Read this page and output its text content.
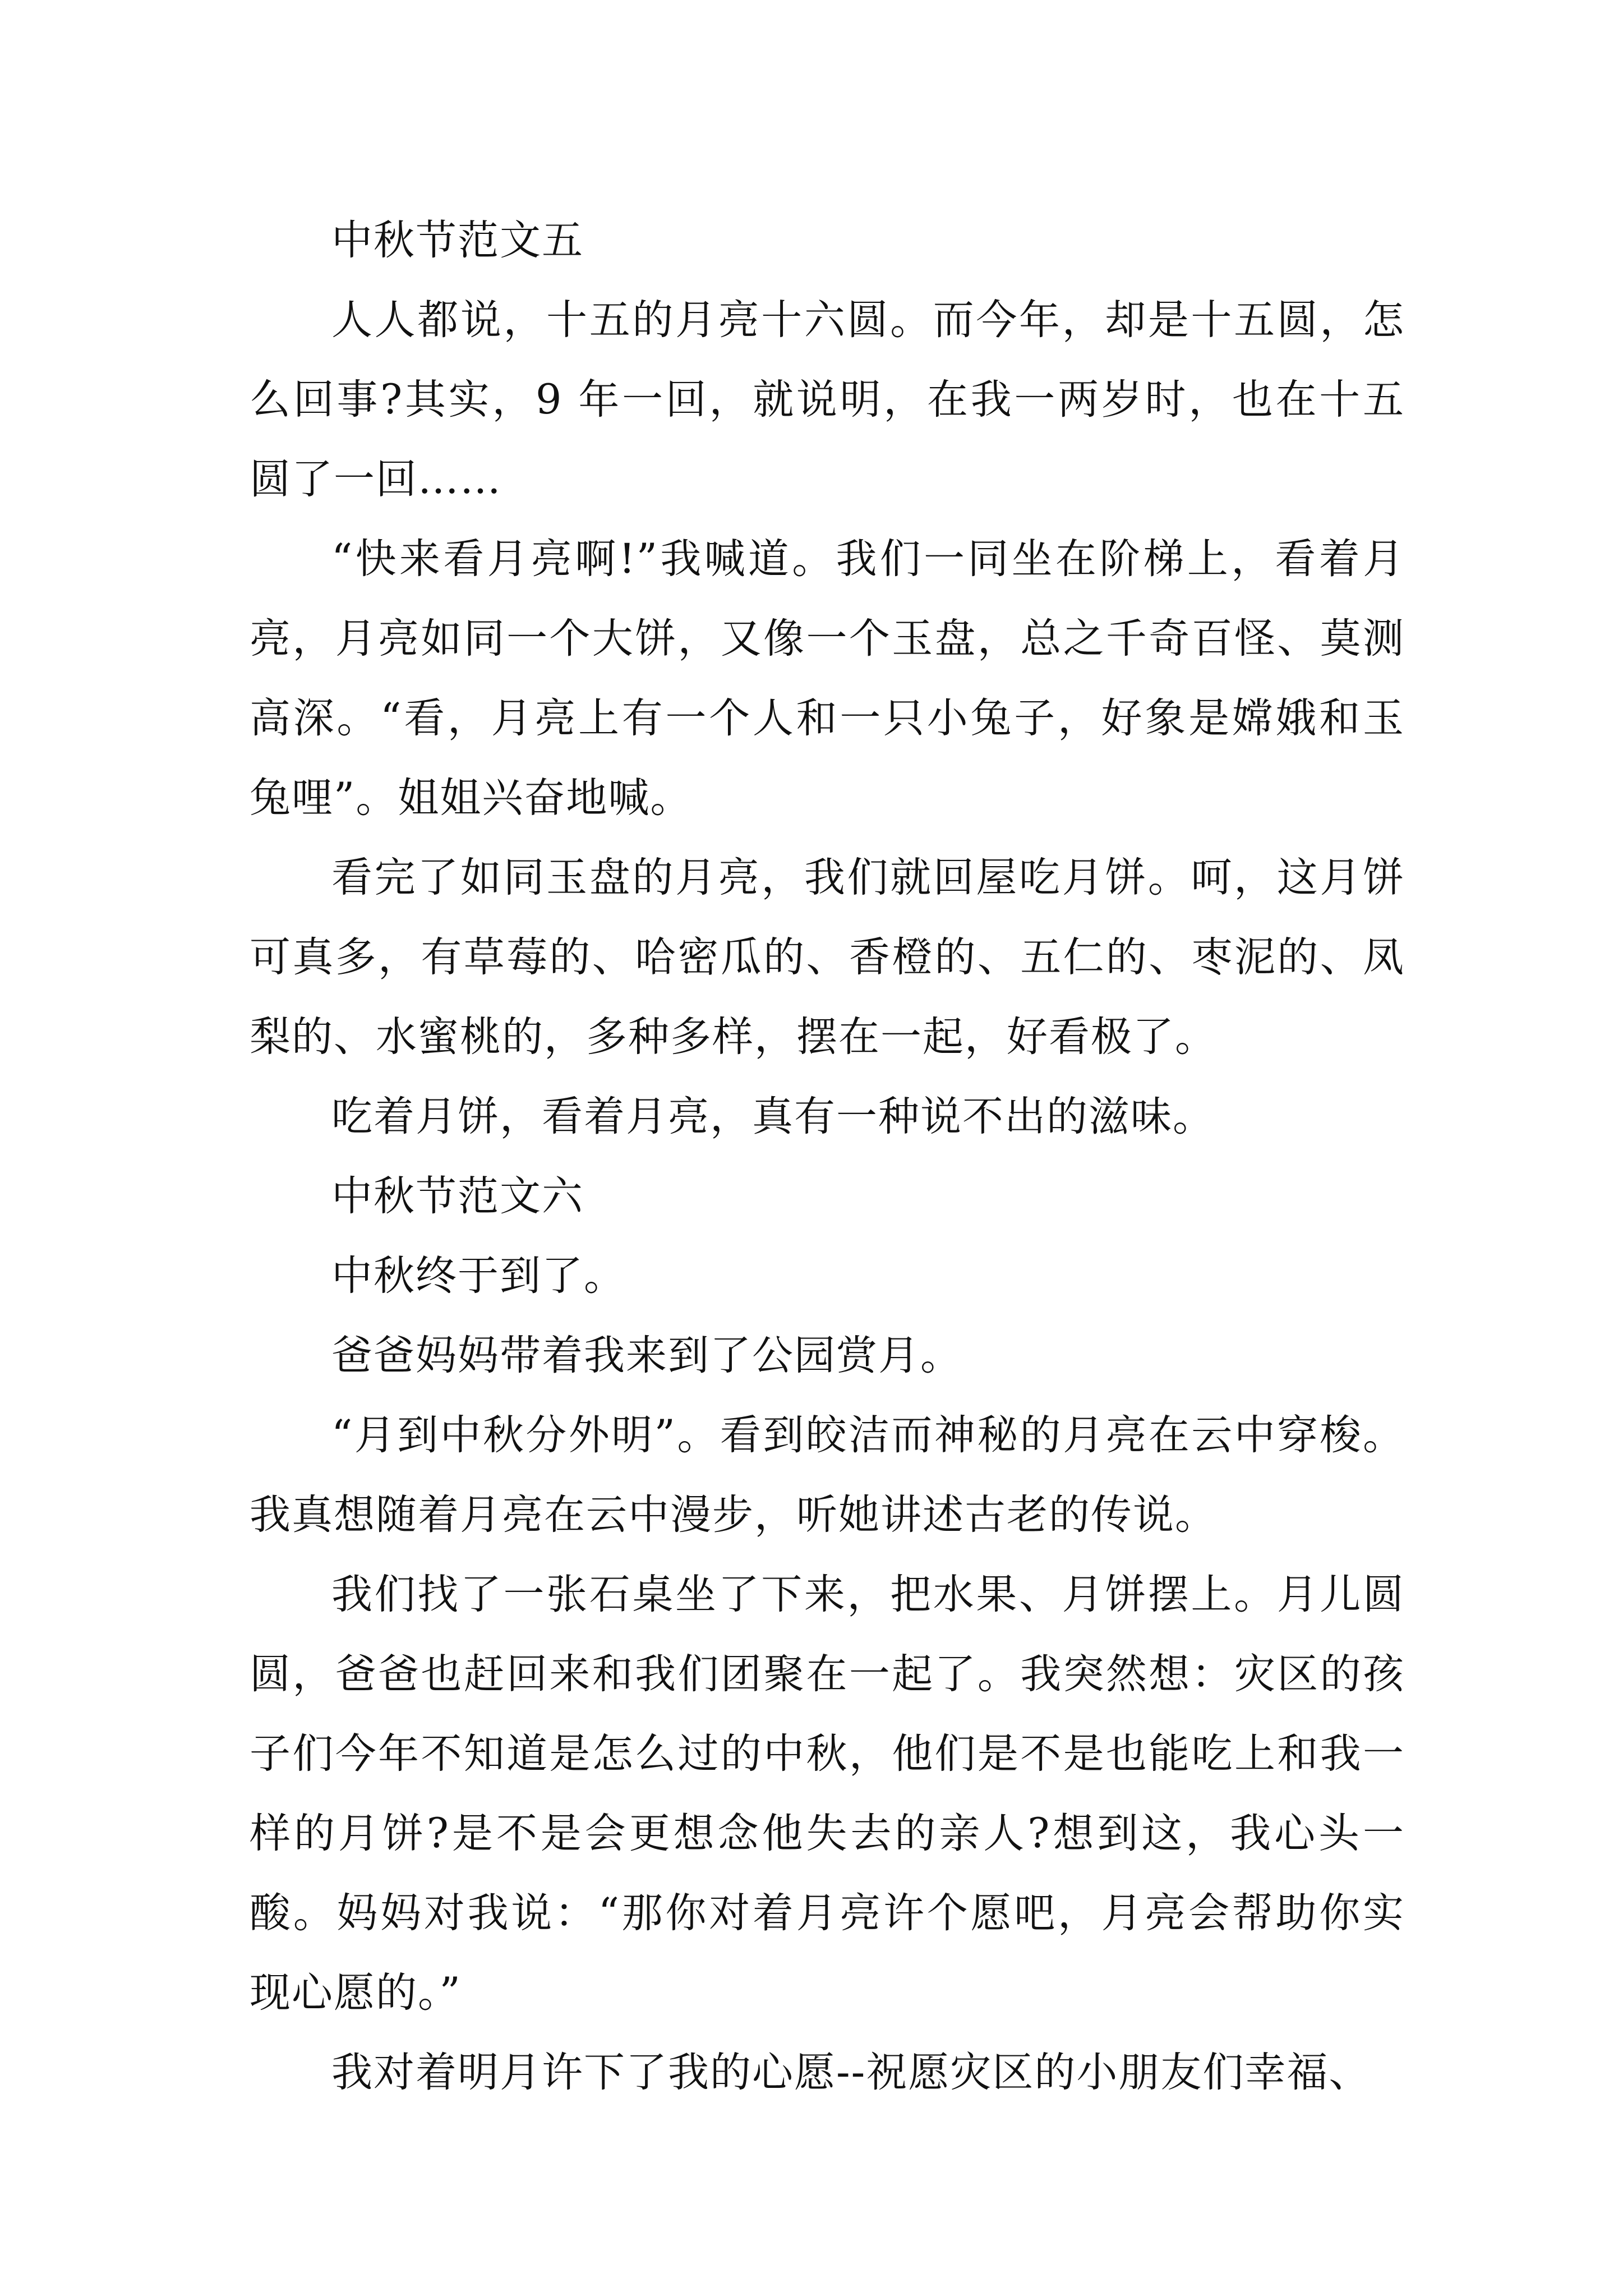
中秋节范文五

人人都说，十五的月亮十六圆。而今年，却是十五圆，怎么回事?其实，9 年一回，就说明，在我一两岁时，也在十五圆了一回……

“快来看月亮啊!”我喊道。我们一同坐在阶梯上，看着月亮，月亮如同一个大饼，又像一个玉盘，总之千奇百怪、莫测高深。“看，月亮上有一个人和一只小兔子，好象是嫦娥和玉兔哩”。姐姐兴奋地喊。

看完了如同玉盘的月亮，我们就回屋吃月饼。呵，这月饼可真多，有草莓的、哈密瓜的、香橙的、五仁的、枣泥的、凤梨的、水蜜桃的，多种多样，摆在一起，好看极了。

吃着月饼，看着月亮，真有一种说不出的滋味。

中秋节范文六

中秋终于到了。

爸爸妈妈带着我来到了公园赏月。

“月到中秋分外明”。看到皎洁而神秘的月亮在云中穿梭。我真想随着月亮在云中漫步，听她讲述古老的传说。

我们找了一张石桌坐了下来，把水果、月饼摆上。月儿圆圆，爸爸也赶回来和我们团聚在一起了。我突然想：灾区的孩子们今年不知道是怎么过的中秋，他们是不是也能吃上和我一样的月饼?是不是会更想念他失去的亲人?想到这，我心头一酸。妈妈对我说：“那你对着月亮许个愿吧，月亮会帮助你实现心愿的。”

我对着明月许下了我的心愿--祝愿灾区的小朋友们幸福、
